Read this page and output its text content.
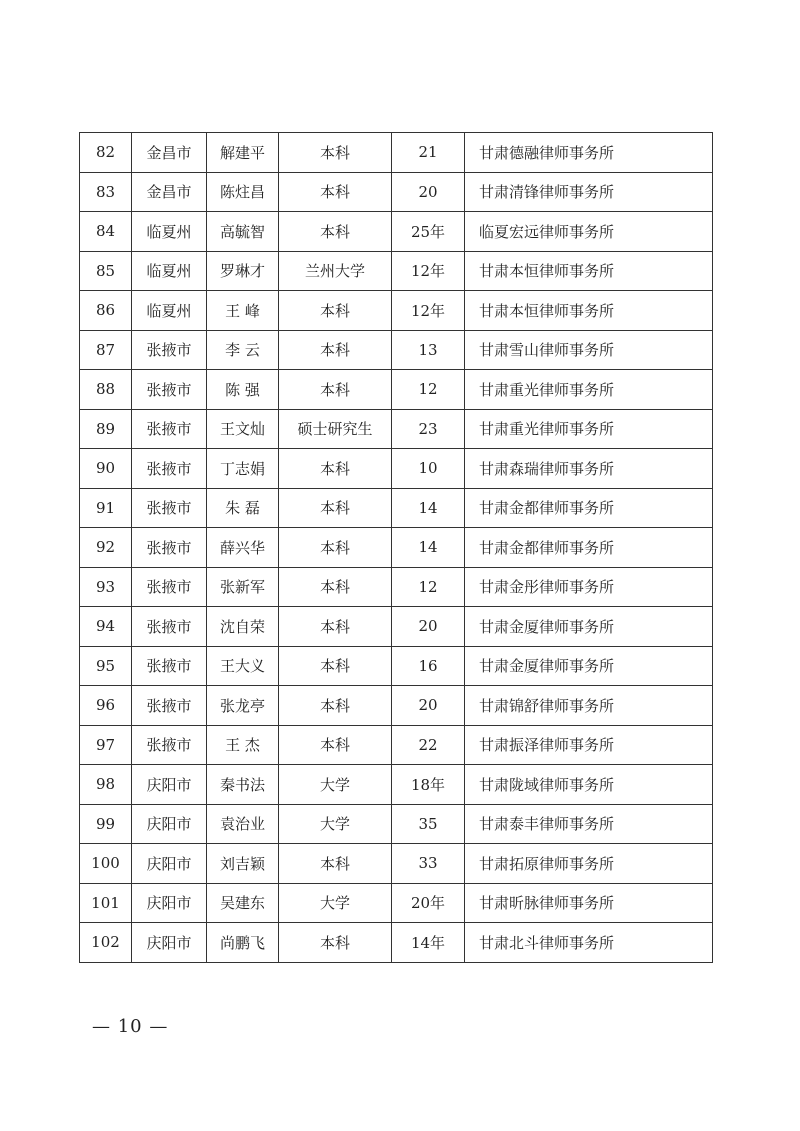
82	金昌市	解建平	本科	21	甘肃德融律师事务所
83	金昌市	陈炷昌	本科	20	甘肃清锋律师事务所
84	临夏州	高毓智	本科	25年	临夏宏远律师事务所
85	临夏州	罗琳才	兰州大学	12年	甘肃本恒律师事务所
86	临夏州	王 峰	本科	12年	甘肃本恒律师事务所
87	张掖市	李 云	本科	13	甘肃雪山律师事务所
88	张掖市	陈 强	本科	12	甘肃重光律师事务所
89	张掖市	王文灿	硕士研究生	23	甘肃重光律师事务所
90	张掖市	丁志娟	本科	10	甘肃森瑞律师事务所
91	张掖市	朱 磊	本科	14	甘肃金都律师事务所
92	张掖市	薛兴华	本科	14	甘肃金都律师事务所
93	张掖市	张新军	本科	12	甘肃金彤律师事务所
94	张掖市	沈自荣	本科	20	甘肃金厦律师事务所
95	张掖市	王大义	本科	16	甘肃金厦律师事务所
96	张掖市	张龙亭	本科	20	甘肃锦舒律师事务所
97	张掖市	王 杰	本科	22	甘肃振泽律师事务所
98	庆阳市	秦书法	大学	18年	甘肃陇域律师事务所
99	庆阳市	袁治业	大学	35	甘肃泰丰律师事务所
100	庆阳市	刘吉颖	本科	33	甘肃拓原律师事务所
101	庆阳市	吴建东	大学	20年	甘肃昕脉律师事务所
102	庆阳市	尚鹏飞	本科	14年	甘肃北斗律师事务所
— 10 —
